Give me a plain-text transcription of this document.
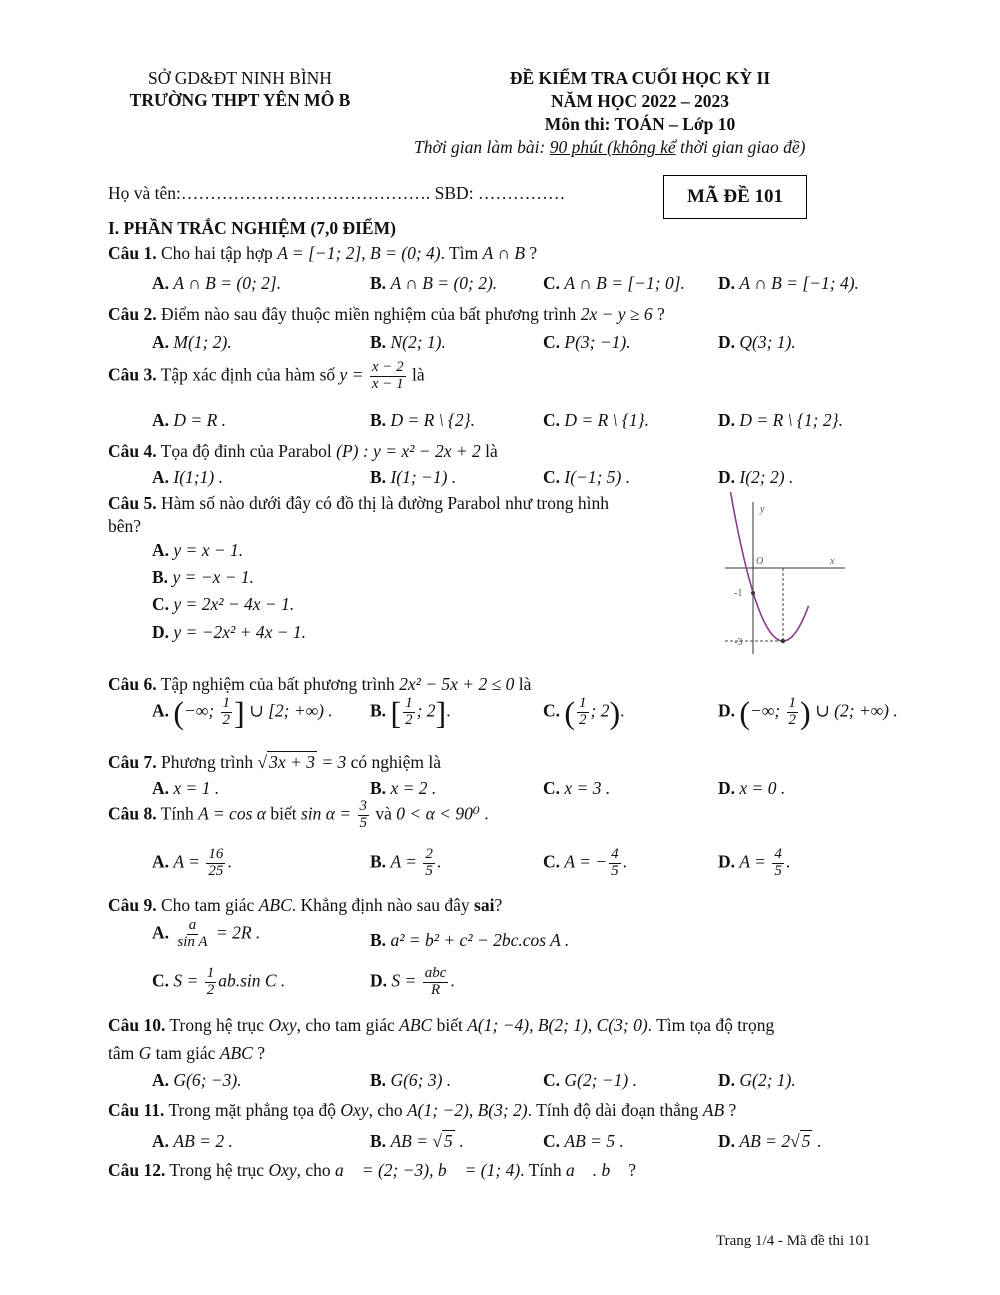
SỞ GD&ĐT NINH BÌNH
TRƯỜNG THPT YÊN MÔ B
ĐỀ KIỂM TRA CUỐI HỌC KỲ II
NĂM HỌC 2022 – 2023
Môn thi: TOÁN – Lớp 10
Thời gian làm bài: 90 phút (không kể thời gian giao đề)
Họ và tên:……………………………………. SBD: ……………	MÃ ĐỀ 101
I. PHẦN TRẮC NGHIỆM (7,0 ĐIỂM)
Câu 1. Cho hai tập hợp A = [−1; 2], B = (0; 4). Tìm A ∩ B ?
A. A ∩ B = (0; 2].	B. A ∩ B = (0; 2).	C. A ∩ B = [−1; 0]. D. A ∩ B = [−1; 4).
Câu 2. Điểm nào sau đây thuộc miền nghiệm của bất phương trình 2x − y ≥ 6 ?
A. M(1; 2).	B. N(2; 1).	C. P(3; −1).	D. Q(3; 1).
Câu 3. Tập xác định của hàm số $y = \frac{x - 2}{x - 1}$ là
A. D = R .	B. D = R \ {2}.	C. D = R \ {1}.	D. D = R \ {1; 2}.
Câu 4. Tọa độ đỉnh của Parabol (P) : y = x² − 2x + 2 là
A. I(1;1) .	B. I(1; −1) .	C. I(−1; 5) .	D. I(2; 2) .
Câu 5. Hàm số nào dưới đây có đồ thị là đường Parabol như trong hình
bên?
A. y = x − 1.
B. y = −x − 1.
C. y = 2x² − 4x − 1.
D. y = −2x² + 4x − 1.
y
x
O
-1
-3
Câu 6. Tập nghiệm của bất phương trình 2x² − 5x + 2 ≤ 0 là
A. (−∞; $\frac{1}{2}$ ] ∪ [2; +∞) . B. [ $\frac{1}{2}$ ; 2].	C. ( $\frac{1}{2}$ ; 2).	D. (−∞; $\frac{1}{2}$ ) ∪ (2; +∞) .
Câu 7. Phương trình √ 3x + 3 = 3 có nghiệm là
A. x = 1 .	B. x = 2 .	C. x = 3 .	D. x = 0 .
Câu 8. Tính A = cos α biết $\sin \alpha = \frac{3}{5}$ và 0 < α < 90⁰ .
A. $A = \frac{16}{25}$ .	B. $A = \frac{2}{5}$ .	C. A = − $\frac{4}{5}$ .	D. $A = \frac{4}{5}$ .
Câu 9. Cho tam giác ABC. Khẳng định nào sau đây sai?
A. $\frac{a}{\text{sin A}} = 2R$ .	B. a² = b² + c² − 2bc.cos A .
C. $S = \frac{1}{2} ab.\sin$ C .	D. $S = \frac{\text{abc}}{R}$ .
Câu 10. Trong hệ trục Oxy, cho tam giác ABC biết A(1; −4), B(2; 1), C(3; 0). Tìm tọa độ trọng
tâm G tam giác ABC ?
A. G(6; −3).	B. G(6; 3) .	C. G(2; −1) .	D. G(2; 1).
Câu 11. Trong mặt phẳng tọa độ Oxy, cho A(1; −2), B(3; 2). Tính độ dài đoạn thẳng AB ?
A. AB = 2 .	B. AB = √ 5 .	C. AB = 5 .	D. AB = 2√ 5 .
Câu 12. Trong hệ trục Oxy, cho a⃗ = (2; −3), b⃗ = (1; 4). Tính a⃗ . b⃗ ?
Trang 1/4 - Mã đề thi 101
